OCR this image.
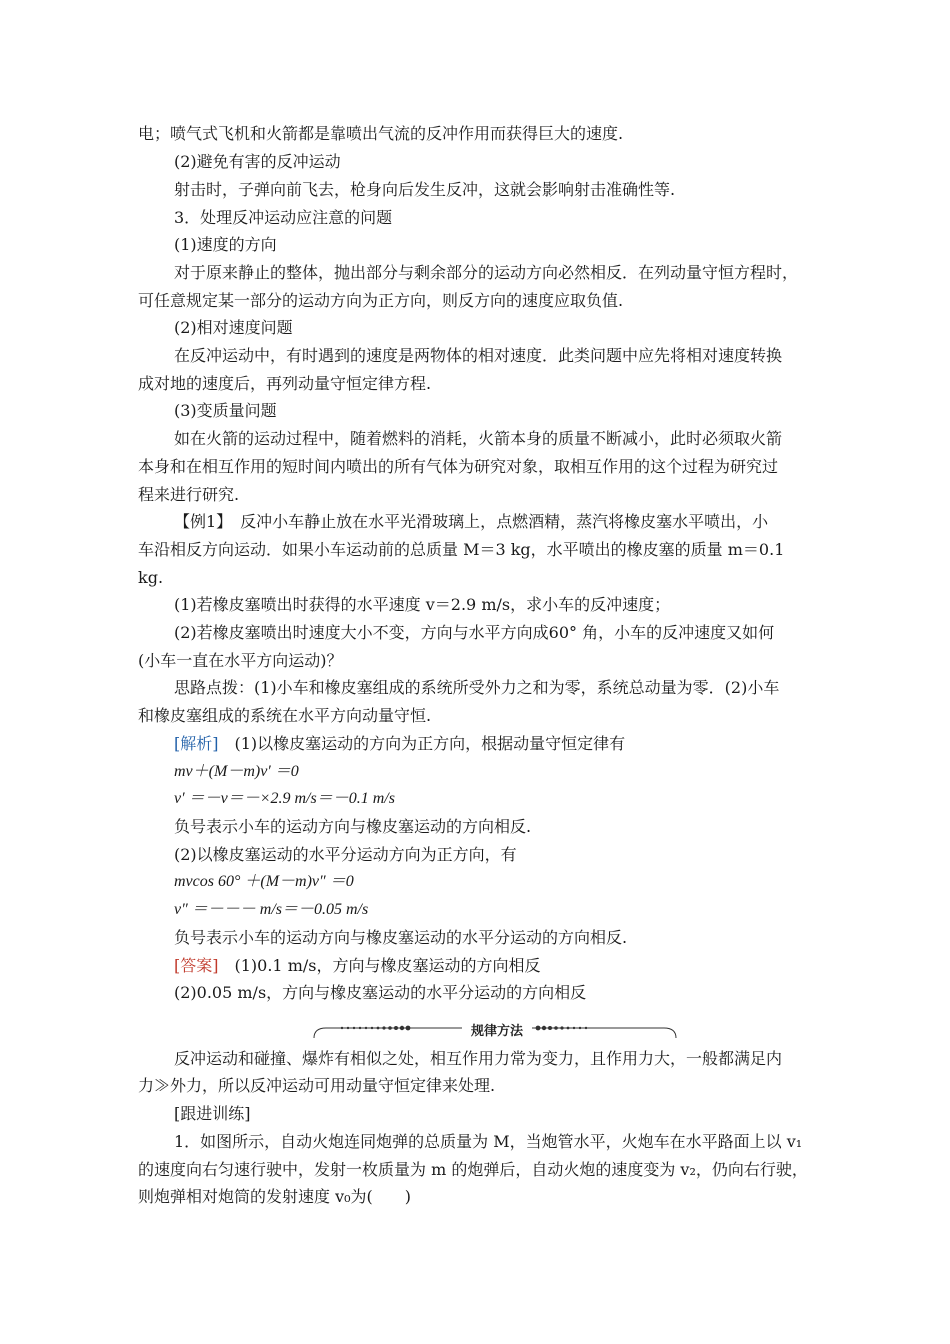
电；喷气式飞机和火箭都是靠喷出气流的反冲作用而获得巨大的速度.
(2)避免有害的反冲运动
射击时，子弹向前飞去，枪身向后发生反冲，这就会影响射击准确性等.
3．处理反冲运动应注意的问题
(1)速度的方向
对于原来静止的整体，抛出部分与剩余部分的运动方向必然相反．在列动量守恒方程时，
可任意规定某一部分的运动方向为正方向，则反方向的速度应取负值.
(2)相对速度问题
在反冲运动中，有时遇到的速度是两物体的相对速度．此类问题中应先将相对速度转换
成对地的速度后，再列动量守恒定律方程.
(3)变质量问题
如在火箭的运动过程中，随着燃料的消耗，火箭本身的质量不断减小，此时必须取火箭
本身和在相互作用的短时间内喷出的所有气体为研究对象，取相互作用的这个过程为研究过
程来进行研究.
【例1】　反冲小车静止放在水平光滑玻璃上，点燃酒精，蒸汽将橡皮塞水平喷出，小
车沿相反方向运动．如果小车运动前的总质量 M＝3 kg，水平喷出的橡皮塞的质量 m＝0.1
kg.
(1)若橡皮塞喷出时获得的水平速度 v＝2.9 m/s，求小车的反冲速度；
(2)若橡皮塞喷出时速度大小不变，方向与水平方向成60° 角，小车的反冲速度又如何
(小车一直在水平方向运动)？
思路点拨：(1)小车和橡皮塞组成的系统所受外力之和为零，系统总动量为零．(2)小车
和橡皮塞组成的系统在水平方向动量守恒.
[解析]　(1)以橡皮塞运动的方向为正方向，根据动量守恒定律有
mv＋(M－m)v′ ＝0
v′ ＝－v＝－×2.9 m/s＝－0.1 m/s
负号表示小车的运动方向与橡皮塞运动的方向相反.
(2)以橡皮塞运动的水平分运动方向为正方向，有
mvcos 60° ＋(M－m)v″ ＝0
v″ ＝－－－ m/s＝－0.05 m/s
负号表示小车的运动方向与橡皮塞运动的水平分运动的方向相反.
[答案]　(1)0.1 m/s，方向与橡皮塞运动的方向相反
(2)0.05 m/s，方向与橡皮塞运动的水平分运动的方向相反
规律方法
反冲运动和碰撞、爆炸有相似之处，相互作用力常为变力，且作用力大，一般都满足内
力≫外力，所以反冲运动可用动量守恒定律来处理.
[跟进训练]
1．如图所示，自动火炮连同炮弹的总质量为 M，当炮管水平，火炮车在水平路面上以 v₁
的速度向右匀速行驶中，发射一枚质量为 m 的炮弹后，自动火炮的速度变为 v₂，仍向右行驶，
则炮弹相对炮筒的发射速度 v₀为(　　)
